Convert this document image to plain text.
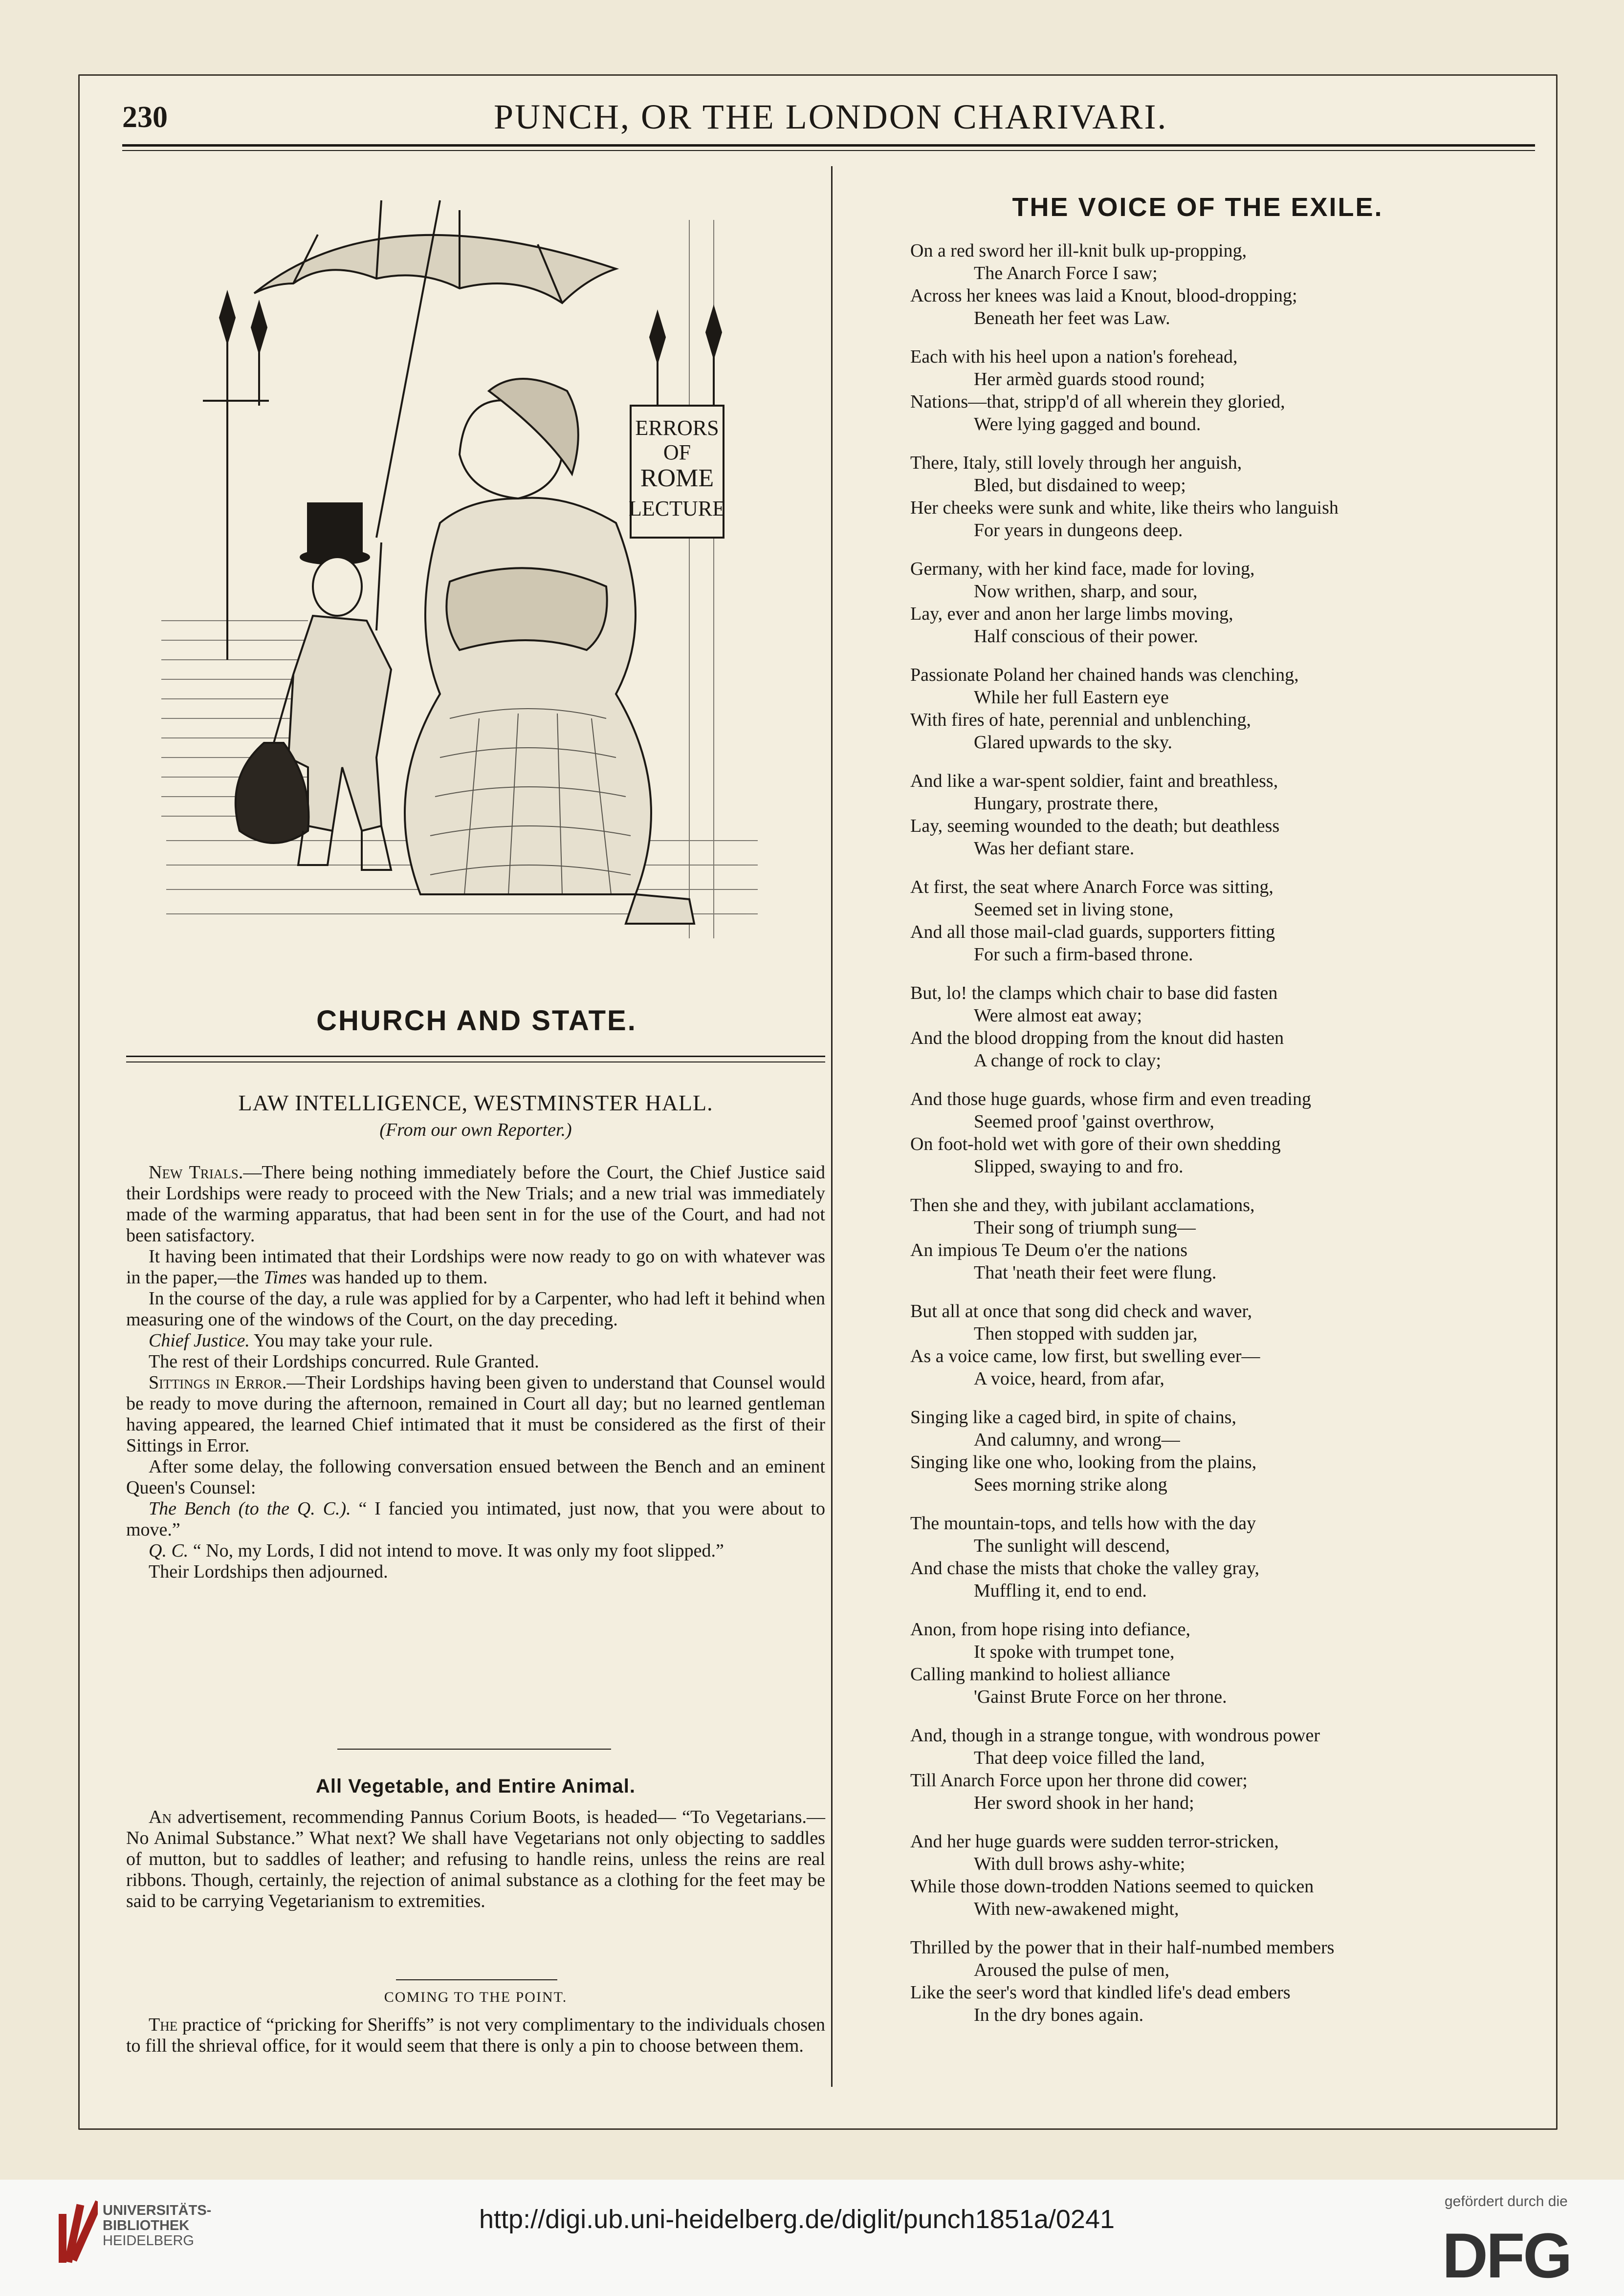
230	PUNCH, OR THE LONDON CHARIVARI.
ERRORS
OF
ROME
LECTURE
CHURCH AND STATE.
LAW INTELLIGENCE, WESTMINSTER HALL.
(From our own Reporter.)

New Trials.—There being nothing immediately before the Court, the Chief Justice said their Lordships were ready to proceed with the New Trials; and a new trial was immediately made of the warming apparatus, that had been sent in for the use of the Court, and had not been satisfactory.

It having been intimated that their Lordships were now ready to go on with whatever was in the paper,—the Times was handed up to them.

In the course of the day, a rule was applied for by a Carpenter, who had left it behind when measuring one of the windows of the Court, on the day preceding.

Chief Justice. You may take your rule.

The rest of their Lordships concurred. Rule Granted.

Sittings in Error.—Their Lordships having been given to understand that Counsel would be ready to move during the afternoon, remained in Court all day; but no learned gentleman having appeared, the learned Chief intimated that it must be considered as the first of their Sittings in Error.

After some delay, the following conversation ensued between the Bench and an eminent Queen's Counsel:

The Bench (to the Q. C.). “ I fancied you intimated, just now, that you were about to move.”

Q. C. “ No, my Lords, I did not intend to move. It was only my foot slipped.”

Their Lordships then adjourned.

All Vegetable, and Entire Animal.

An advertisement, recommending Pannus Corium Boots, is headed— “To Vegetarians.—No Animal Substance.” What next? We shall have Vegetarians not only objecting to saddles of mutton, but to saddles of leather; and refusing to handle reins, unless the reins are real ribbons. Though, certainly, the rejection of animal substance as a clothing for the feet may be said to be carrying Vegetarianism to extremities.

COMING TO THE POINT.

The practice of “pricking for Sheriffs” is not very complimentary to the individuals chosen to fill the shrieval office, for it would seem that there is only a pin to choose between them.

THE VOICE OF THE EXILE.
On a red sword her ill-knit bulk up-propping,
The Anarch Force I saw;
Across her knees was laid a Knout, blood-dropping;
Beneath her feet was Law.
Each with his heel upon a nation's forehead,
Her armèd guards stood round;
Nations—that, stripp'd of all wherein they gloried,
Were lying gagged and bound.
There, Italy, still lovely through her anguish,
Bled, but disdained to weep;
Her cheeks were sunk and white, like theirs who languish
For years in dungeons deep.
Germany, with her kind face, made for loving,
Now writhen, sharp, and sour,
Lay, ever and anon her large limbs moving,
Half conscious of their power.
Passionate Poland her chained hands was clenching,
While her full Eastern eye
With fires of hate, perennial and unblenching,
Glared upwards to the sky.
And like a war-spent soldier, faint and breathless,
Hungary, prostrate there,
Lay, seeming wounded to the death; but deathless
Was her defiant stare.
At first, the seat where Anarch Force was sitting,
Seemed set in living stone,
And all those mail-clad guards, supporters fitting
For such a firm-based throne.
But, lo! the clamps which chair to base did fasten
Were almost eat away;
And the blood dropping from the knout did hasten
A change of rock to clay;
And those huge guards, whose firm and even treading
Seemed proof 'gainst overthrow,
On foot-hold wet with gore of their own shedding
Slipped, swaying to and fro.
Then she and they, with jubilant acclamations,
Their song of triumph sung—
An impious Te Deum o'er the nations
That 'neath their feet were flung.
But all at once that song did check and waver,
Then stopped with sudden jar,
As a voice came, low first, but swelling ever—
A voice, heard, from afar,
Singing like a caged bird, in spite of chains,
And calumny, and wrong—
Singing like one who, looking from the plains,
Sees morning strike along
The mountain-tops, and tells how with the day
The sunlight will descend,
And chase the mists that choke the valley gray,
Muffling it, end to end.
Anon, from hope rising into defiance,
It spoke with trumpet tone,
Calling mankind to holiest alliance
'Gainst Brute Force on her throne.
And, though in a strange tongue, with wondrous power
That deep voice filled the land,
Till Anarch Force upon her throne did cower;
Her sword shook in her hand;
And her huge guards were sudden terror-stricken,
With dull brows ashy-white;
While those down-trodden Nations seemed to quicken
With new-awakened might,
Thrilled by the power that in their half-numbed members
Aroused the pulse of men,
Like the seer's word that kindled life's dead embers
In the dry bones again.
UNIVERSITÄTS-
BIBLIOTHEK
HEIDELBERG
http://digi.ub.uni-heidelberg.de/diglit/punch1851a/0241
gefördert durch die
DFG
